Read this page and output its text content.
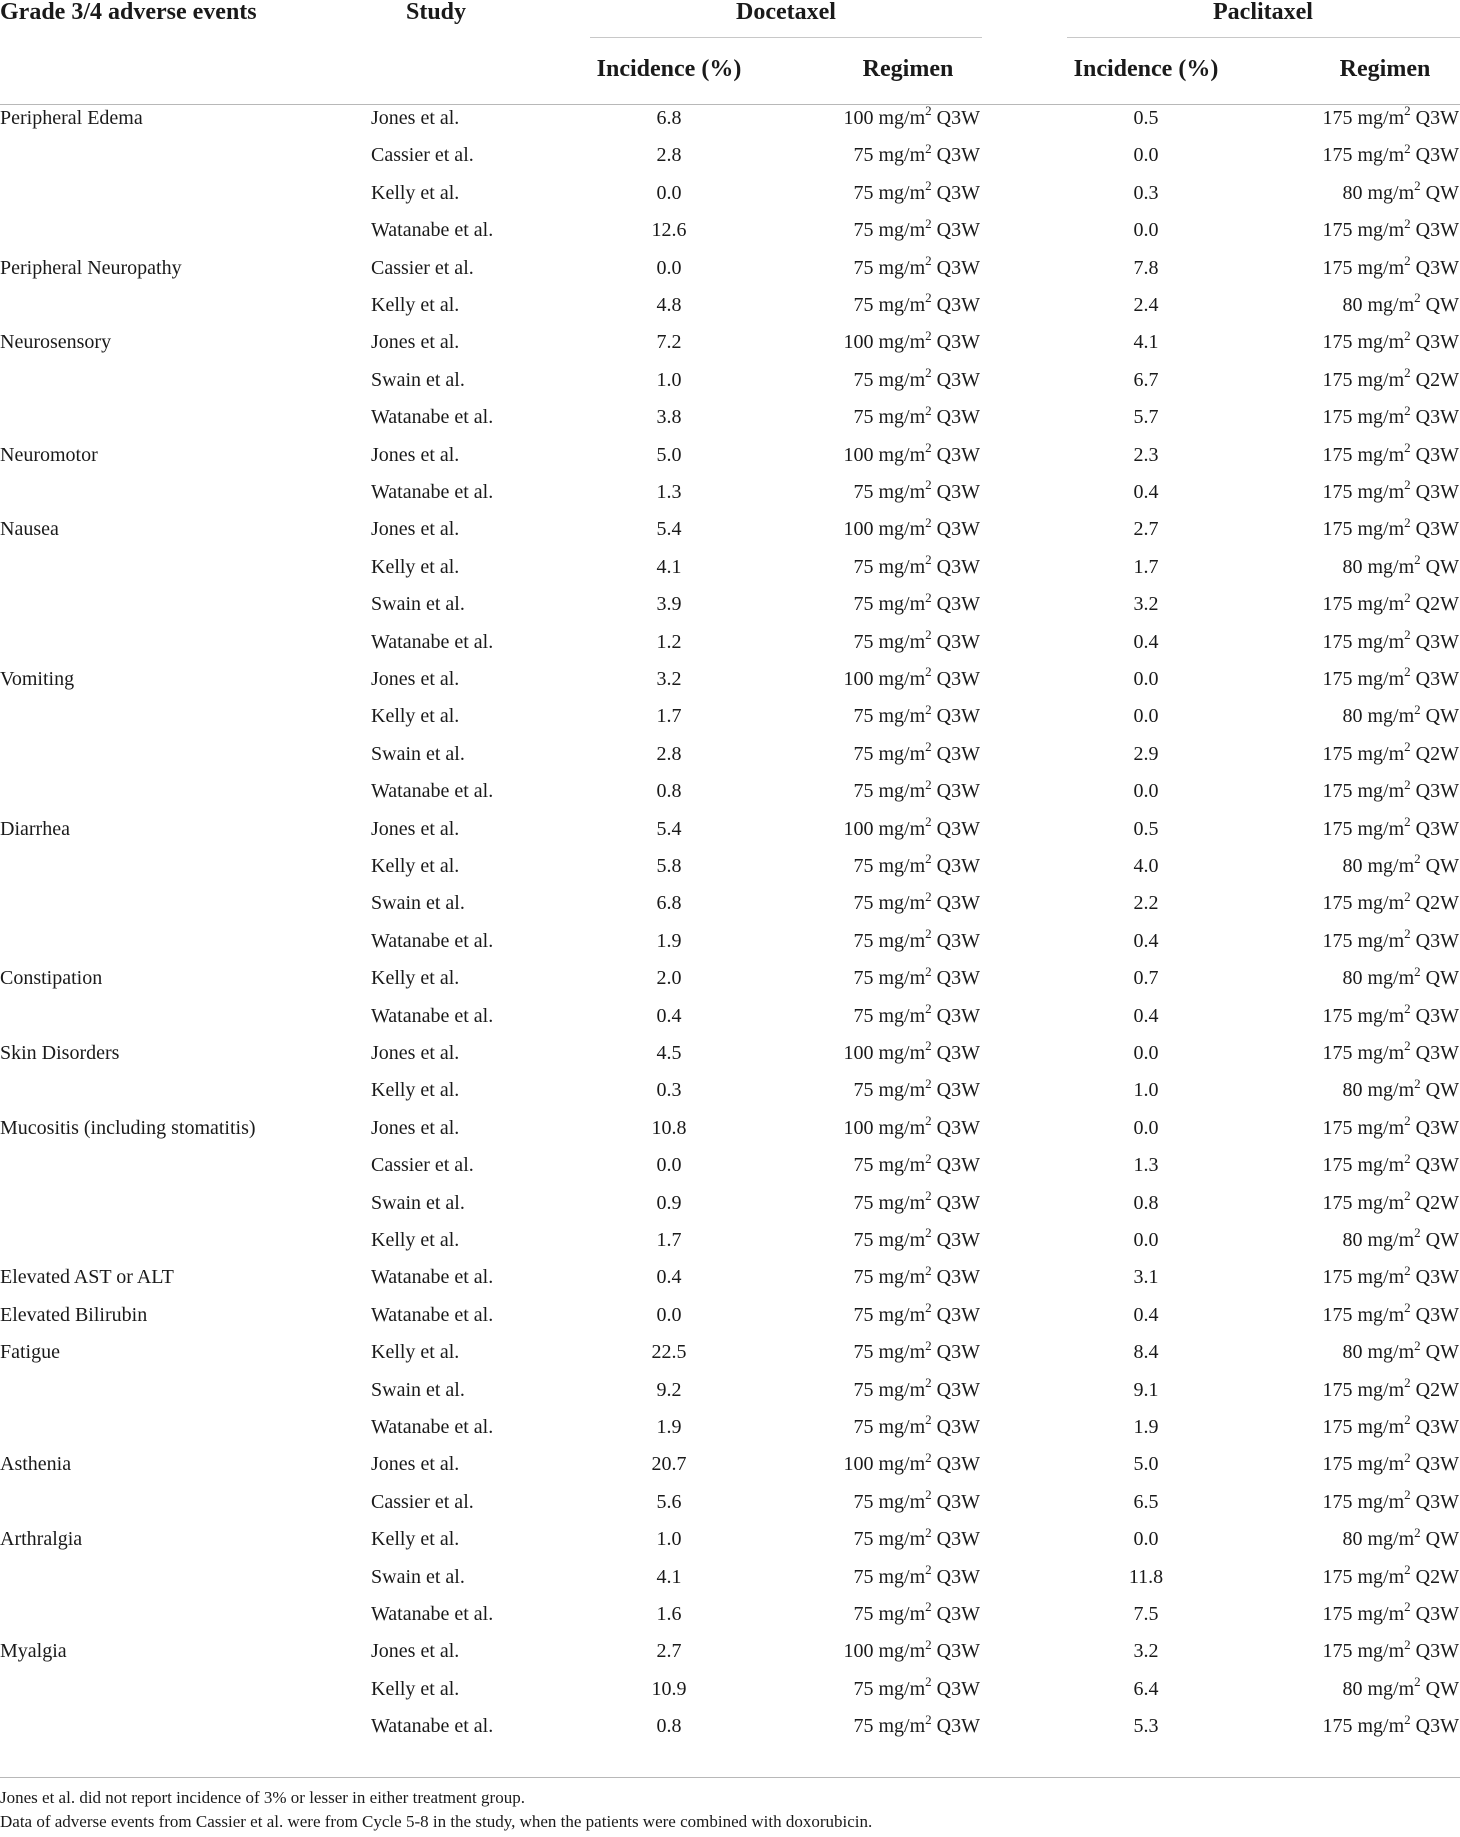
Grade 3/4 adverse events	Study	Docetaxel	Paclitaxel
Incidence (%)	Regimen	Incidence (%)	Regimen
Peripheral Edema	Jones et al.	6.8	100 $mg/m^2$ Q3W	0.5	175 $mg/m^2$ Q3W
Cassier et al.	2.8	75 $mg/m^2$ Q3W	0.0	175 $mg/m^2$ Q3W
Kelly et al.	0.0	75 $mg/m^2$ Q3W	0.3	80 $mg/m^2$ QW
Watanabe et al.	12.6	75 $mg/m^2$ Q3W	0.0	175 $mg/m^2$ Q3W
Peripheral Neuropathy	Cassier et al.	0.0	75 $mg/m^2$ Q3W	7.8	175 $mg/m^2$ Q3W
Kelly et al.	4.8	75 $mg/m^2$ Q3W	2.4	80 $mg/m^2$ QW
Neurosensory	Jones et al.	7.2	100 $mg/m^2$ Q3W	4.1	175 $mg/m^2$ Q3W
Swain et al.	1.0	75 $mg/m^2$ Q3W	6.7	175 $mg/m^2$ Q2W
Watanabe et al.	3.8	75 $mg/m^2$ Q3W	5.7	175 $mg/m^2$ Q3W
Neuromotor	Jones et al.	5.0	100 $mg/m^2$ Q3W	2.3	175 $mg/m^2$ Q3W
Watanabe et al.	1.3	75 $mg/m^2$ Q3W	0.4	175 $mg/m^2$ Q3W
Nausea	Jones et al.	5.4	100 $mg/m^2$ Q3W	2.7	175 $mg/m^2$ Q3W
Kelly et al.	4.1	75 $mg/m^2$ Q3W	1.7	80 $mg/m^2$ QW
Swain et al.	3.9	75 $mg/m^2$ Q3W	3.2	175 $mg/m^2$ Q2W
Watanabe et al.	1.2	75 $mg/m^2$ Q3W	0.4	175 $mg/m^2$ Q3W
Vomiting	Jones et al.	3.2	100 $mg/m^2$ Q3W	0.0	175 $mg/m^2$ Q3W
Kelly et al.	1.7	75 $mg/m^2$ Q3W	0.0	80 $mg/m^2$ QW
Swain et al.	2.8	75 $mg/m^2$ Q3W	2.9	175 $mg/m^2$ Q2W
Watanabe et al.	0.8	75 $mg/m^2$ Q3W	0.0	175 $mg/m^2$ Q3W
Diarrhea	Jones et al.	5.4	100 $mg/m^2$ Q3W	0.5	175 $mg/m^2$ Q3W
Kelly et al.	5.8	75 $mg/m^2$ Q3W	4.0	80 $mg/m^2$ QW
Swain et al.	6.8	75 $mg/m^2$ Q3W	2.2	175 $mg/m^2$ Q2W
Watanabe et al.	1.9	75 $mg/m^2$ Q3W	0.4	175 $mg/m^2$ Q3W
Constipation	Kelly et al.	2.0	75 $mg/m^2$ Q3W	0.7	80 $mg/m^2$ QW
Watanabe et al.	0.4	75 $mg/m^2$ Q3W	0.4	175 $mg/m^2$ Q3W
Skin Disorders	Jones et al.	4.5	100 $mg/m^2$ Q3W	0.0	175 $mg/m^2$ Q3W
Kelly et al.	0.3	75 $mg/m^2$ Q3W	1.0	80 $mg/m^2$ QW
Mucositis (including stomatitis)	Jones et al.	10.8	100 $mg/m^2$ Q3W	0.0	175 $mg/m^2$ Q3W
Cassier et al.	0.0	75 $mg/m^2$ Q3W	1.3	175 $mg/m^2$ Q3W
Swain et al.	0.9	75 $mg/m^2$ Q3W	0.8	175 $mg/m^2$ Q2W
Kelly et al.	1.7	75 $mg/m^2$ Q3W	0.0	80 $mg/m^2$ QW
Elevated AST or ALT	Watanabe et al.	0.4	75 $mg/m^2$ Q3W	3.1	175 $mg/m^2$ Q3W
Elevated Bilirubin	Watanabe et al.	0.0	75 $mg/m^2$ Q3W	0.4	175 $mg/m^2$ Q3W
Fatigue	Kelly et al.	22.5	75 $mg/m^2$ Q3W	8.4	80 $mg/m^2$ QW
Swain et al.	9.2	75 $mg/m^2$ Q3W	9.1	175 $mg/m^2$ Q2W
Watanabe et al.	1.9	75 $mg/m^2$ Q3W	1.9	175 $mg/m^2$ Q3W
Asthenia	Jones et al.	20.7	100 $mg/m^2$ Q3W	5.0	175 $mg/m^2$ Q3W
Cassier et al.	5.6	75 $mg/m^2$ Q3W	6.5	175 $mg/m^2$ Q3W
Arthralgia	Kelly et al.	1.0	75 $mg/m^2$ Q3W	0.0	80 $mg/m^2$ QW
Swain et al.	4.1	75 $mg/m^2$ Q3W	11.8	175 $mg/m^2$ Q2W
Watanabe et al.	1.6	75 $mg/m^2$ Q3W	7.5	175 $mg/m^2$ Q3W
Myalgia	Jones et al.	2.7	100 $mg/m^2$ Q3W	3.2	175 $mg/m^2$ Q3W
Kelly et al.	10.9	75 $mg/m^2$ Q3W	6.4	80 $mg/m^2$ QW
Watanabe et al.	0.8	75 $mg/m^2$ Q3W	5.3	175 $mg/m^2$ Q3W
Jones et al. did not report incidence of 3% or lesser in either treatment group.
Data of adverse events from Cassier et al. were from Cycle 5-8 in the study, when the patients were combined with doxorubicin.
